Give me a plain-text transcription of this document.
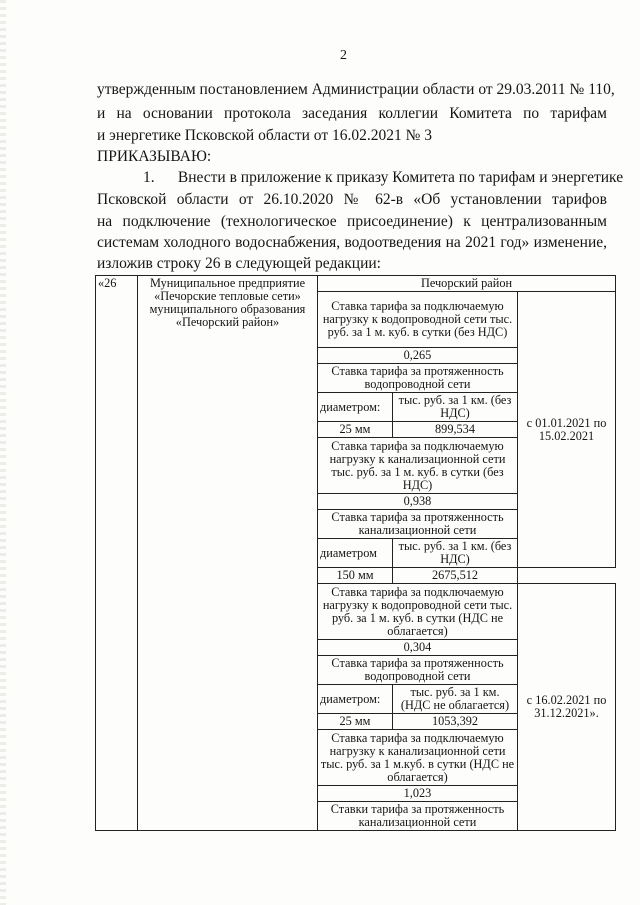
2
утвержденным постановлением Администрации области от 29.03.2011 № 110,
и на основании протокола заседания коллегии Комитета по тарифам
и энергетике Псковской области от 16.02.2021 № 3
ПРИКАЗЫВАЮ:
1.      Внести в приложение к приказу Комитета по тарифам и энергетике
Псковской области от 26.10.2020 № 62-в «Об установлении тарифов
на подключение (технологическое присоединение) к централизованным
системам холодного водоснабжения, водоотведения на 2021 год» изменение,
изложив строку 26 в следующей редакции:
«26	Муниципальное предприятие «Печорские тепловые сети» муниципального образования «Печорский район»	Печорский район		
		Ставка тарифа за подключаемую нагрузку к водопроводной сети тыс. руб. за 1 м. куб. в сутки (без НДС)		с 01.01.2021 по 15.02.2021
		0,265		
		Ставка тарифа за протяженность водопроводной сети		
		диаметром:	тыс. руб. за 1 км. (без НДС)	
		25 мм	899,534	
		Ставка тарифа за подключаемую нагрузку к канализационной сети тыс. руб. за 1 м. куб. в сутки (без НДС)		
		0,938		
		Ставка тарифа за протяженность канализационной сети		
		диаметром	тыс. руб. за 1 км. (без НДС)	
		150 мм	2675,512	
		Ставка тарифа за подключаемую нагрузку к водопроводной сети тыс. руб. за 1 м. куб. в сутки (НДС не облагается)		с 16.02.2021 по 31.12.2021».
		0,304		
		Ставка тарифа за протяженность водопроводной сети		
		диаметром:	тыс. руб. за 1 км. (НДС не облагается)	
		25 мм	1053,392	
		Ставка тарифа за подключаемую нагрузку к канализационной сети тыс. руб. за 1 м.куб. в сутки (НДС не облагается)		
		1,023		
		Ставки тарифа за протяженность канализационной сети		
